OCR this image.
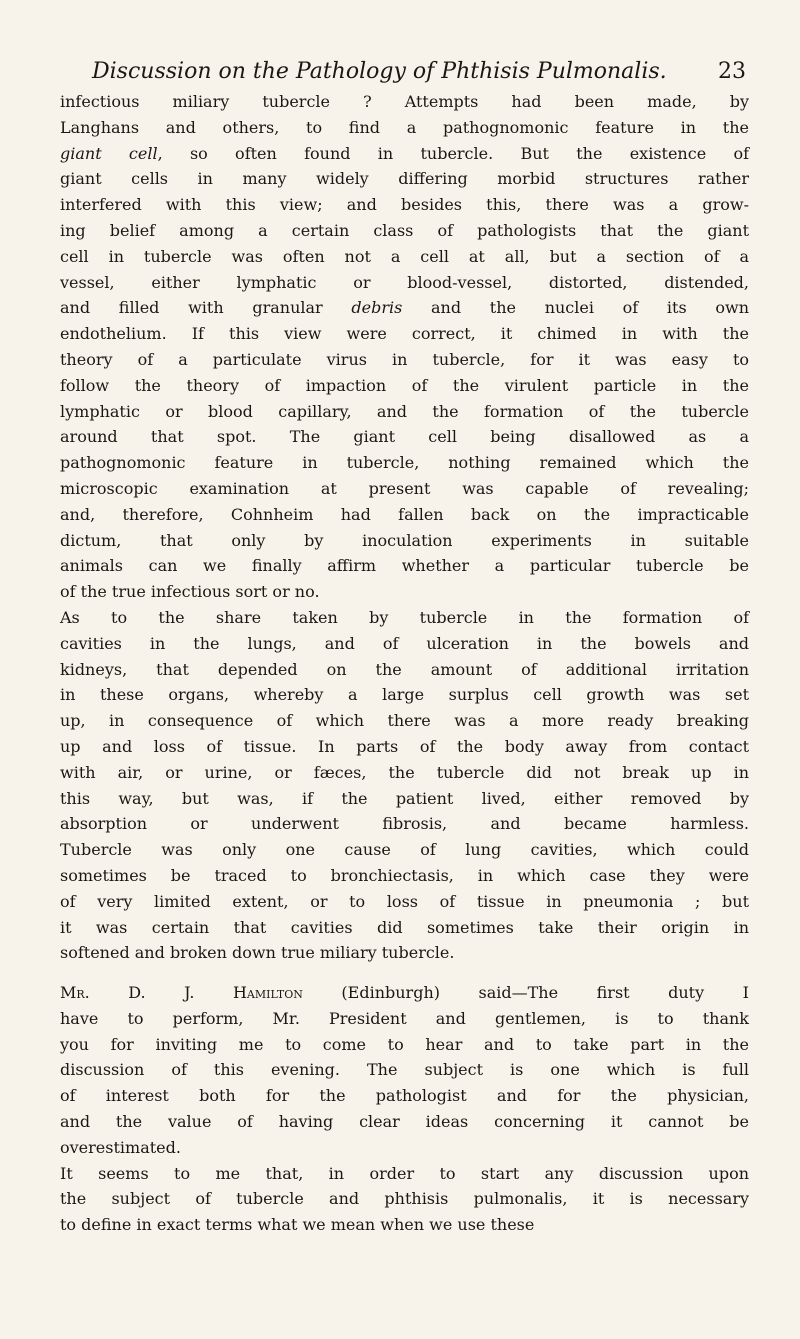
Discussion on the Pathology of Phthisis Pulmonalis. 23
infectious miliary tubercle ? Attempts had been made, by
Langhans and others, to find a pathognomonic feature in the
giant cell, so often found in tubercle. But the existence of
giant cells in many widely differing morbid structures rather
interfered with this view; and besides this, there was a grow-
ing belief among a certain class of pathologists that the giant
cell in tubercle was often not a cell at all, but a section of a
vessel, either lymphatic or blood-vessel, distorted, distended,
and filled with granular debris and the nuclei of its own
endothelium. If this view were correct, it chimed in with the
theory of a particulate virus in tubercle, for it was easy to
follow the theory of impaction of the virulent particle in the
lymphatic or blood capillary, and the formation of the tubercle
around that spot. The giant cell being disallowed as a
pathognomonic feature in tubercle, nothing remained which the
microscopic examination at present was capable of revealing;
and, therefore, Cohnheim had fallen back on the impracticable
dictum, that only by inoculation experiments in suitable
animals can we finally affirm whether a particular tubercle be
of the true infectious sort or no.
As to the share taken by tubercle in the formation of
cavities in the lungs, and of ulceration in the bowels and
kidneys, that depended on the amount of additional irritation
in these organs, whereby a large surplus cell growth was set
up, in consequence of which there was a more ready breaking
up and loss of tissue. In parts of the body away from contact
with air, or urine, or fæces, the tubercle did not break up in
this way, but was, if the patient lived, either removed by
absorption or underwent fibrosis, and became harmless.
Tubercle was only one cause of lung cavities, which could
sometimes be traced to bronchiectasis, in which case they were
of very limited extent, or to loss of tissue in pneumonia ; but
it was certain that cavities did sometimes take their origin in
softened and broken down true miliary tubercle.
Mr. D. J. Hamilton (Edinburgh) said—The first duty I
have to perform, Mr. President and gentlemen, is to thank
you for inviting me to come to hear and to take part in the
discussion of this evening. The subject is one which is full
of interest both for the pathologist and for the physician,
and the value of having clear ideas concerning it cannot be
overestimated.
It seems to me that, in order to start any discussion upon
the subject of tubercle and phthisis pulmonalis, it is necessary
to define in exact terms what we mean when we use these
